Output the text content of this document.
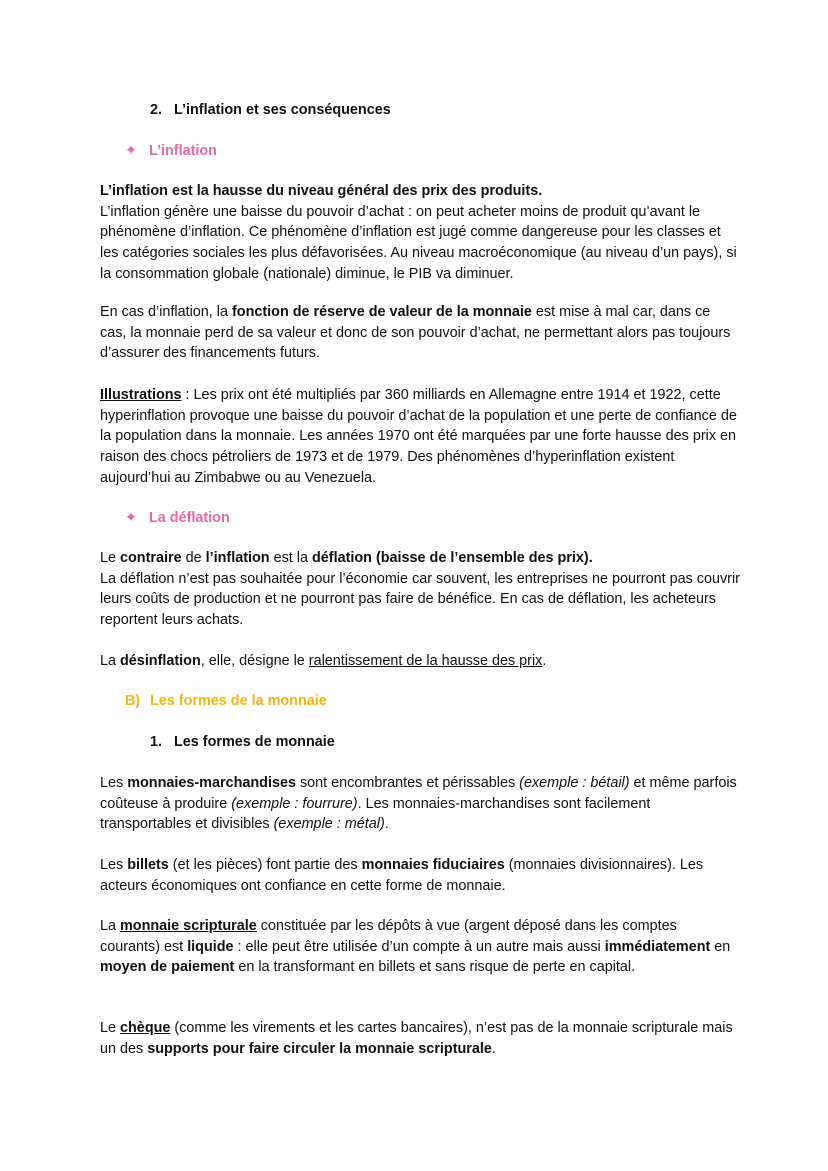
2. L’inflation et ses conséquences

✦ L’inflation

L’inflation est la hausse du niveau général des prix des produits.
L’inflation génère une baisse du pouvoir d’achat : on peut acheter moins de produit qu’avant le phénomène d’inflation. Ce phénomène d’inflation est jugé comme dangereuse pour les classes et les catégories sociales les plus défavorisées. Au niveau macroéconomique (au niveau d’un pays), si la consommation globale (nationale) diminue, le PIB va diminuer.

En cas d’inflation, la fonction de réserve de valeur de la monnaie est mise à mal car, dans ce cas, la monnaie perd de sa valeur et donc de son pouvoir d’achat, ne permettant alors pas toujours d’assurer des financements futurs.

Illustrations : Les prix ont été multipliés par 360 milliards en Allemagne entre 1914 et 1922, cette hyperinflation provoque une baisse du pouvoir d’achat de la population et une perte de confiance de la population dans la monnaie. Les années 1970 ont été marquées par une forte hausse des prix en raison des chocs pétroliers de 1973 et de 1979. Des phénomènes d’hyperinflation existent aujourd’hui au Zimbabwe ou au Venezuela.

✦ La déflation

Le contraire de l’inflation est la déflation (baisse de l’ensemble des prix).
La déflation n’est pas souhaitée pour l’économie car souvent, les entreprises ne pourront pas couvrir leurs coûts de production et ne pourront pas faire de bénéfice. En cas de déflation, les acheteurs reportent leurs achats.

La désinflation, elle, désigne le ralentissement de la hausse des prix.

B) Les formes de la monnaie

1. Les formes de monnaie

Les monnaies-marchandises sont encombrantes et périssables (exemple : bétail) et même parfois coûteuse à produire (exemple : fourrure). Les monnaies-marchandises sont facilement transportables et divisibles (exemple : métal).

Les billets (et les pièces) font partie des monnaies fiduciaires (monnaies divisionnaires). Les acteurs économiques ont confiance en cette forme de monnaie.

La monnaie scripturale constituée par les dépôts à vue (argent déposé dans les comptes courants) est liquide : elle peut être utilisée d’un compte à un autre mais aussi immédiatement en moyen de paiement en la transformant en billets et sans risque de perte en capital.

Le chèque (comme les virements et les cartes bancaires), n’est pas de la monnaie scripturale mais un des supports pour faire circuler la monnaie scripturale.
